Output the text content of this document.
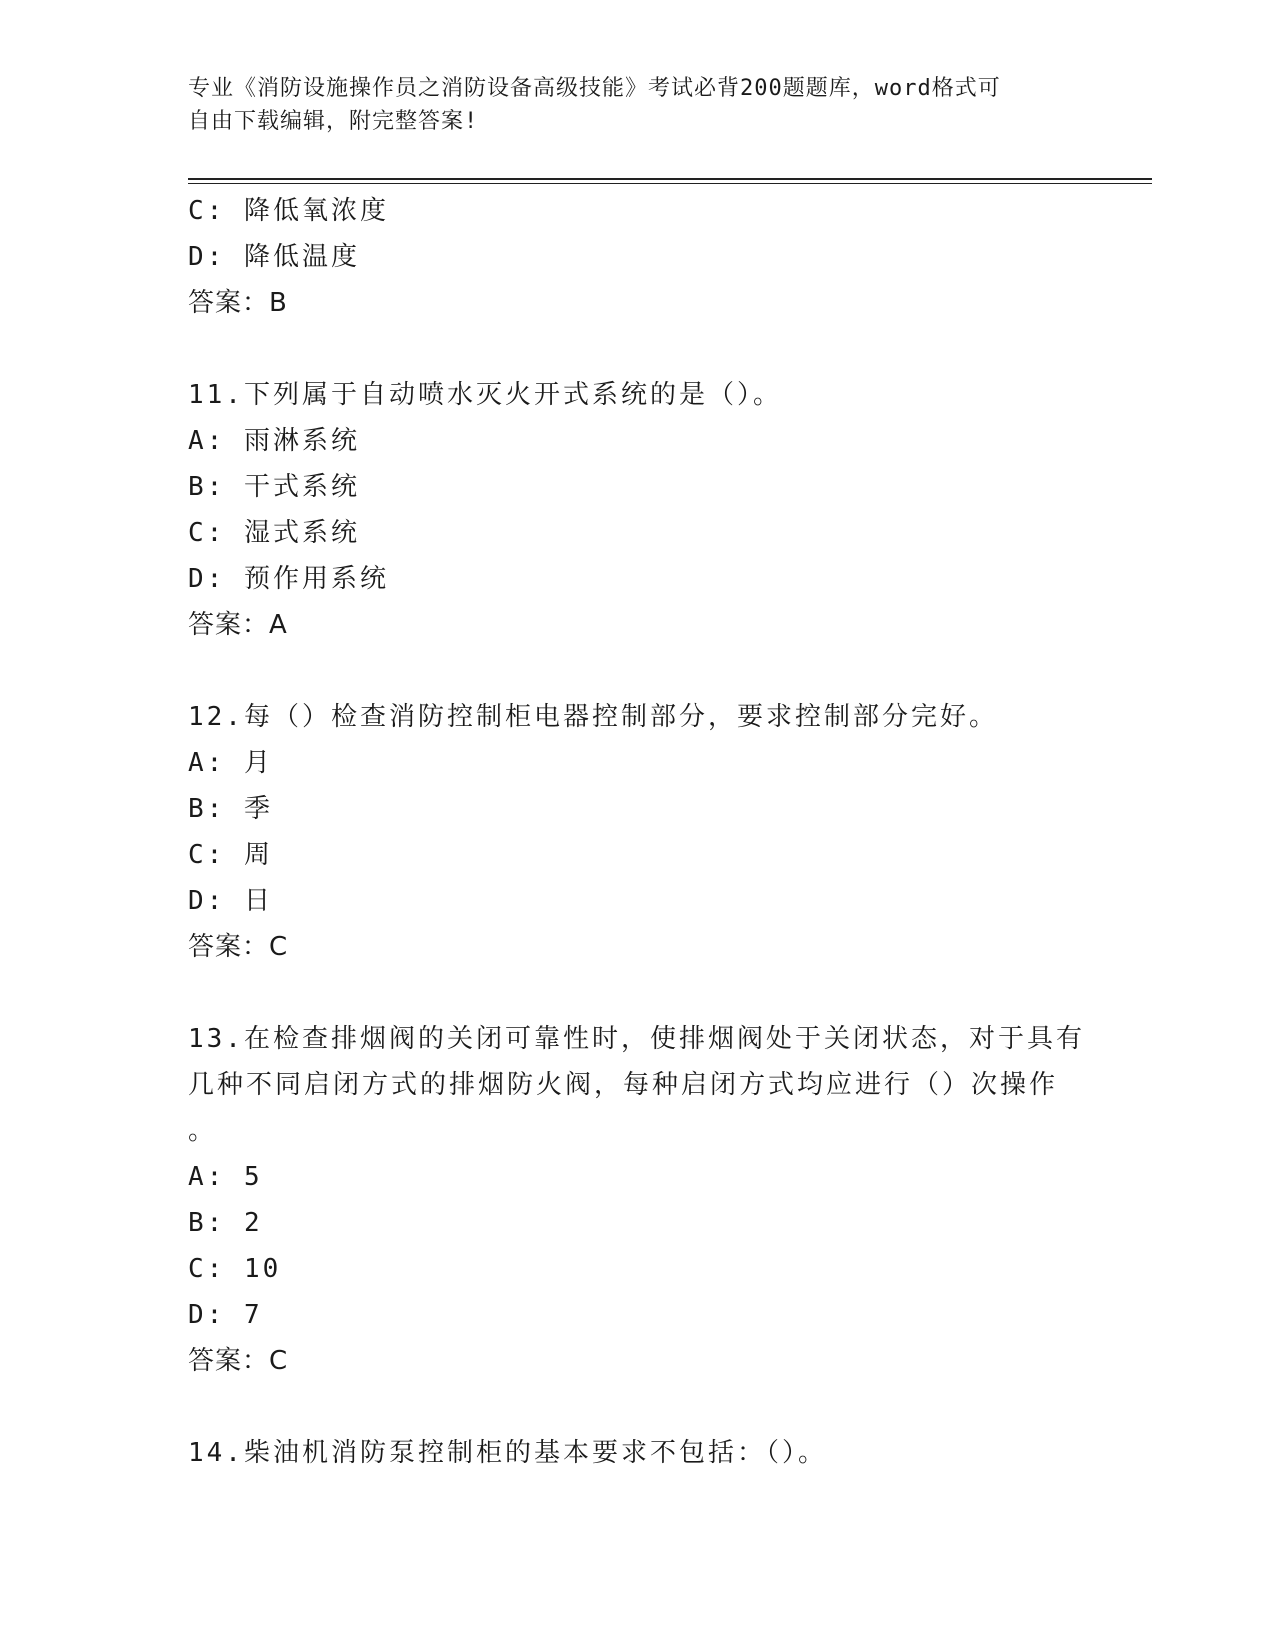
专业《消防设施操作员之消防设备高级技能》考试必背200题题库，word格式可
自由下载编辑，附完整答案!
C: 降低氧浓度
D: 降低温度
答案：B
11.下列属于自动喷水灭火开式系统的是（）。
A: 雨淋系统
B: 干式系统
C: 湿式系统
D: 预作用系统
答案：A
12.每（）检查消防控制柜电器控制部分，要求控制部分完好。
A: 月
B: 季
C: 周
D: 日
答案：C
13.在检查排烟阀的关闭可靠性时，使排烟阀处于关闭状态，对于具有
几种不同启闭方式的排烟防火阀，每种启闭方式均应进行（）次操作
。
A: 5
B: 2
C: 10
D: 7
答案：C
14.柴油机消防泵控制柜的基本要求不包括：（）。
